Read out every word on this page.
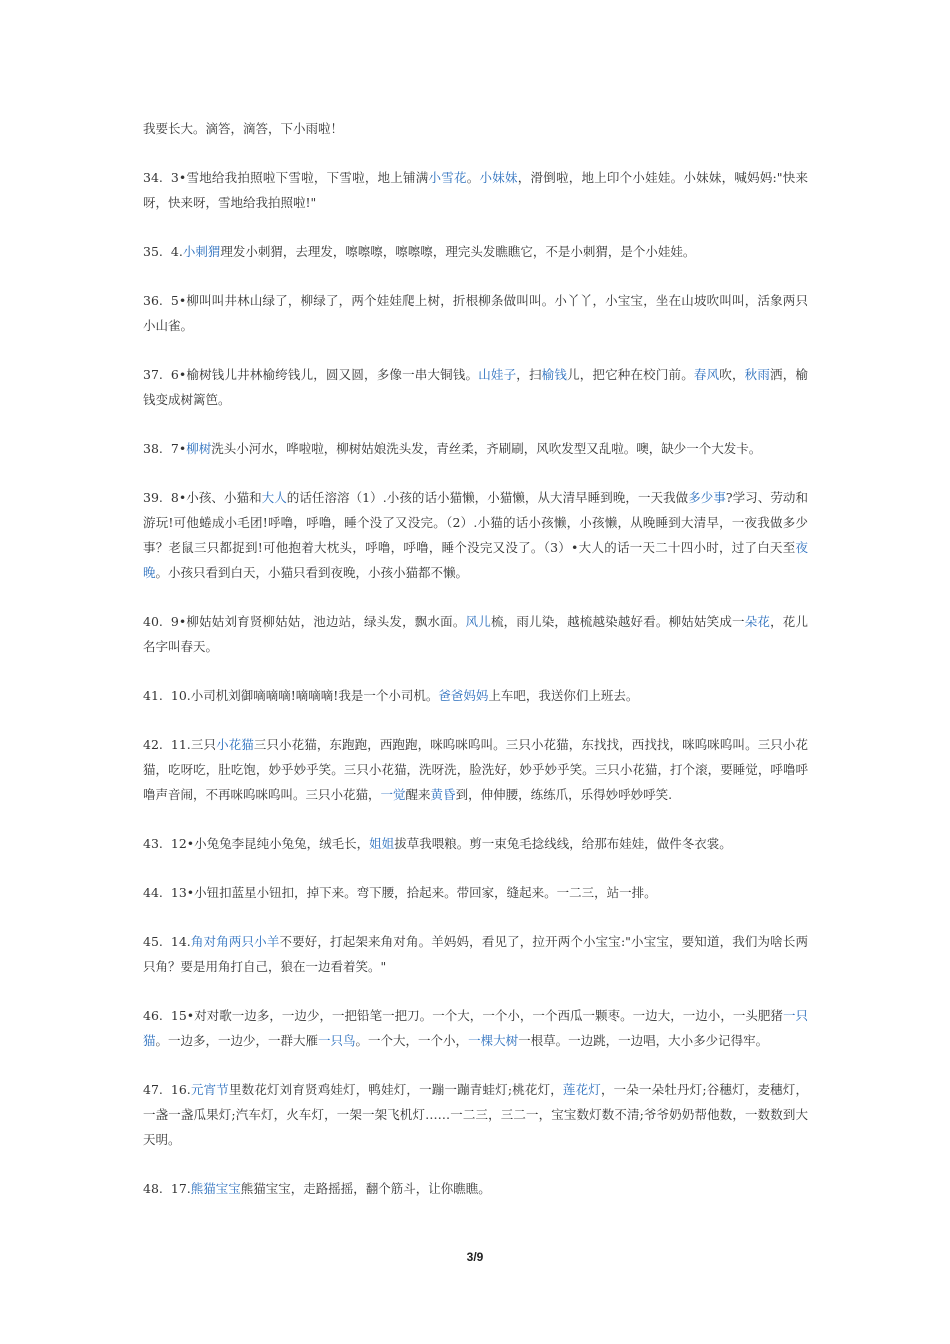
我要长大。滴答，滴答，下小雨啦！

34. 3•雪地给我拍照啦下雪啦，下雪啦，地上铺满小雪花。小妹妹，滑倒啦，地上印个小娃娃。小妹妹，喊妈妈:"快来呀，快来呀，雪地给我拍照啦!"

35. 4.小刺猬理发小刺猬，去理发，嚓嚓嚓，嚓嚓嚓，理完头发瞧瞧它，不是小刺猬，是个小娃娃。

36. 5•柳叫叫井林山绿了，柳绿了，两个娃娃爬上树，折根柳条做叫叫。小丫丫，小宝宝，坐在山坡吹叫叫，活象两只小山雀。

37. 6•榆树钱儿井林榆绔钱儿，圆又圆，多像一串大铜钱。山娃子，扫榆钱儿，把它种在校门前。春风吹，秋雨洒，榆钱变成树篱笆。

38. 7•柳树洗头小河水，哗啦啦，柳树姑娘洗头发，青丝柔，齐刷刷，风吹发型又乱啦。噢，缺少一个大发卡。

39. 8•小孩、小猫和大人的话任溶溶（1）.小孩的话小猫懒，小猫懒，从大清早睡到晚，一天我做多少事?学习、劳动和游玩!可他蜷成小毛团!呼噜，呼噜，睡个没了又没完。（2）.小猫的话小孩懒，小孩懒，从晚睡到大清早，一夜我做多少事？老鼠三只都捉到!可他抱着大枕头，呼噜，呼噜，睡个没完又没了。（3）•大人的话一天二十四小时，过了白天至夜晚。小孩只看到白天，小猫只看到夜晚，小孩小猫都不懒。

40. 9•柳姑姑刘育贤柳姑姑，池边站，绿头发，飘水面。风儿梳，雨儿染，越梳越染越好看。柳姑姑笑成一朵花，花儿名字叫春天。

41. 10.小司机刘御嘀嘀嘀!嘀嘀嘀!我是一个小司机。爸爸妈妈上车吧，我送你们上班去。

42. 11.三只小花猫三只小花猫，东跑跑，西跑跑，咪呜咪呜叫。三只小花猫，东找找，西找找，咪呜咪呜叫。三只小花猫，吃呀吃，肚吃饱，妙乎妙乎笑。三只小花猫，洗呀洗，脸洗好，妙乎妙乎笑。三只小花猫，打个滚，要睡觉，呼噜呼噜声音闹，不再咪呜咪呜叫。三只小花猫，一觉醒来黄昏到，伸伸腰，练练爪，乐得妙呼妙呼笑.

43. 12•小兔兔李昆纯小兔兔，绒毛长，姐姐拔草我喂粮。剪一束兔毛捻线线，给那布娃娃，做件冬衣裳。

44. 13•小钮扣蓝星小钮扣，掉下来。弯下腰，拾起来。带回家，缝起来。一二三，站一排。

45. 14.角对角两只小羊不要好，打起架来角对角。羊妈妈，看见了，拉开两个小宝宝:"小宝宝，要知道，我们为啥长两只角？要是用角打自己，狼在一边看着笑。"

46. 15•对对歌一边多，一边少，一把铅笔一把刀。一个大，一个小，一个西瓜一颗枣。一边大，一边小，一头肥猪一只猫。一边多，一边少，一群大雁一只鸟。一个大，一个小，一棵大树一根草。一边跳，一边唱，大小多少记得牢。

47. 16.元宵节里数花灯刘育贤鸡娃灯，鸭娃灯，一蹦一蹦青蛙灯;桃花灯，莲花灯，一朵一朵牡丹灯;谷穗灯，麦穗灯，一盏一盏瓜果灯;汽车灯，火车灯，一架一架飞机灯……一二三，三二一，宝宝数灯数不清;爷爷奶奶帮他数，一数数到大天明。

48. 17.熊猫宝宝熊猫宝宝，走路摇摇，翻个筋斗，让你瞧瞧。

3/9
